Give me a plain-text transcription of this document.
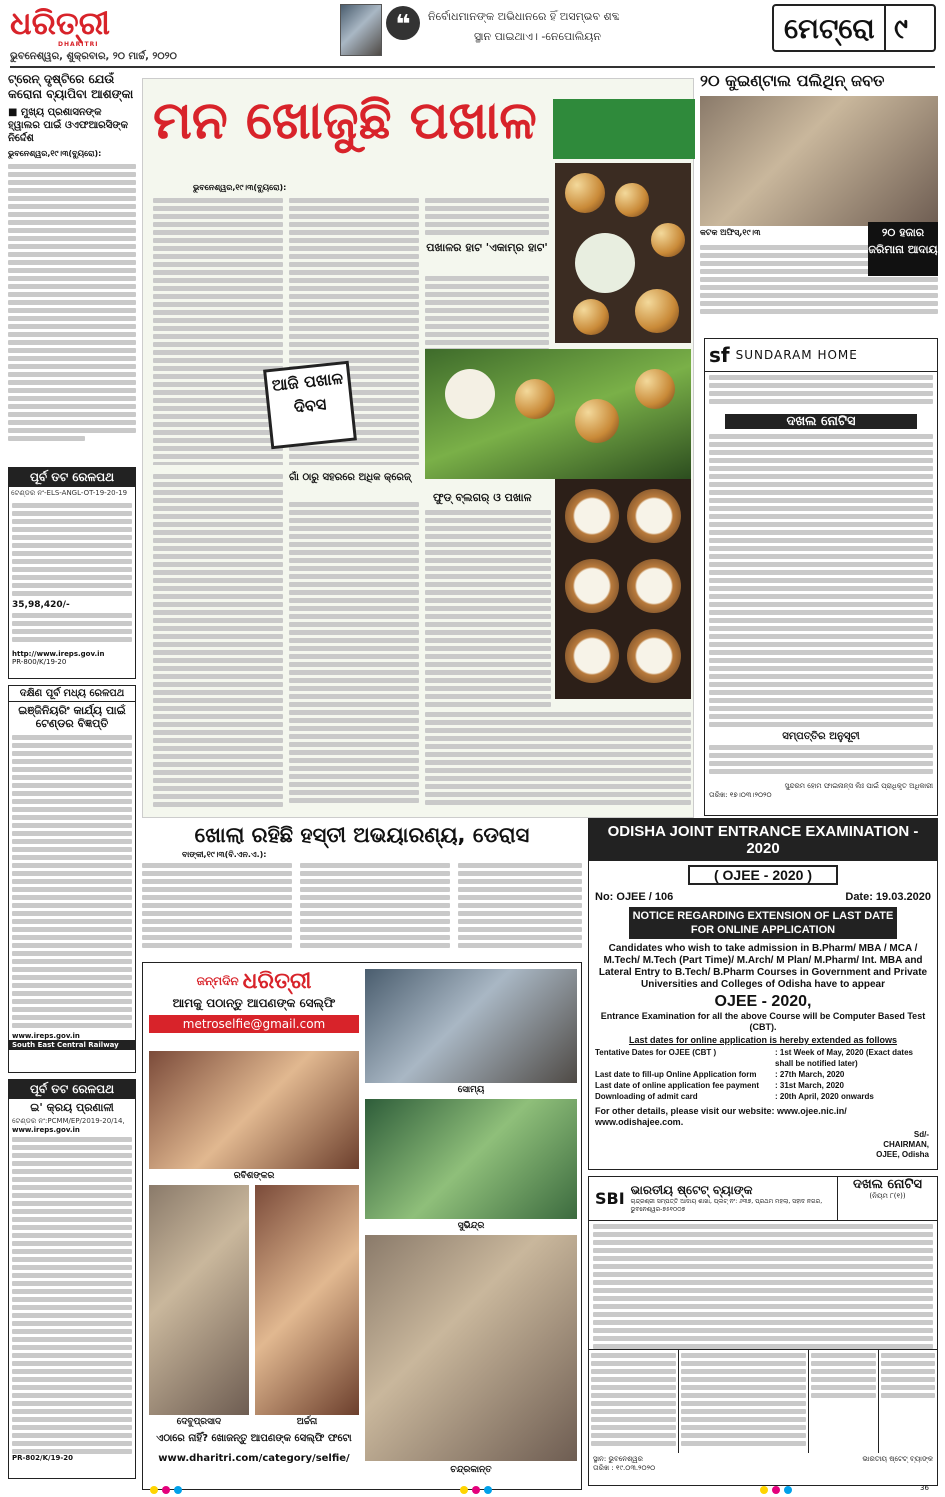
ଧରିତ୍ରୀ
DHARITRI
ଭୁବନେଶ୍ୱର, ଶୁକ୍ରବାର, ୨୦ ମାର୍ଚ୍ଚ, ୨୦୨୦
❝	ନିର୍ବୋଧମାନଙ୍କ ଅଭିଧାନରେ ହିଁ ଅସମ୍ଭବ ଶବ୍ଦ
ସ୍ଥାନ ପାଇଥାଏ। -ନେପୋଲିୟନ	ମେଟ୍ରୋ ୯
ଟ୍ରେନ୍ ଦୃଷ୍ଟିରେ ଯେଉଁ କରୋନା ବ୍ୟାପିବା ଆଶଙ୍କା
■ ମୁଖ୍ୟ ପ୍ରଶାସନଙ୍କ ହ୍ୱାଲର ପାଇଁ ଓଏଫଆରସିଙ୍କ ନିର୍ଦ୍ଦେଶ
ଭୁବନେଶ୍ୱର,୧୯।୩(ବ୍ୟୁରୋ):
ପୂର୍ବ ତଟ ରେଳପଥ
ଟେଣ୍ଡର ନଂ-ELS-ANGL-OT-19-20-19
35,98,420/-
http://www.ireps.gov.in
PR-800/K/19-20
ଦକ୍ଷିଣ ପୂର୍ବ ମଧ୍ୟ ରେଳପଥ
ଇଞ୍ଜିନିୟରିଂ କାର୍ଯ୍ୟ ପାଇଁ ଟେଣ୍ଡର ବିଜ୍ଞପ୍ତି
www.ireps.gov.in
South East Central Railway
ପୂର୍ବ ତଟ ରେଳପଥ
ଇ' କ୍ରୟ ପ୍ରଣାଳୀ
ଟେଣ୍ଡର ନଂ:PCMM/EP/2019-20/14,
www.ireps.gov.in
PR-802/K/19-20
ମନ ଖୋଜୁଛି ପଖାଳ
ଭୁବନେଶ୍ୱର,୧୯।୩(ବ୍ୟୁରୋ):
ପଖାଳର ହାଟ 'ଏକାମ୍ର ହାଟ'
ଆଜି ପଖାଳ ଦିବସ
ଗାଁ ଠାରୁ ସହରରେ ଅଧିକ କ୍ରେଜ୍
ଫୁଡ୍ ବ୍ଲଗର୍ ଓ ପଖାଳ
୨୦ କୁଇଣ୍ଟାଲ ପଲିଥିନ୍ ଜବତ
କଟକ ଅଫିସ୍,୧୯।୩	୨୦ ହଜାର ଜରିମାନା ଆଦାୟ
sf SUNDARAM HOME
ଦଖଲ ନୋଟିସ
ସମ୍ପତ୍ତିର ଅନୁସୂଚୀ
ସୁନ୍ଦରମ ହୋମ ଫାଇନାନ୍ସ ଲିଃ ପାଇଁ ପ୍ରାଧିକୃତ ଅଧିକାରୀ
ତାରିଖ: ୧୭।୦୩।୨୦୨୦
ଖୋଲା ରହିଛି ହସ୍ତୀ ଅଭୟାରଣ୍ୟ, ଡେରାସ
ବାଙ୍କୀ,୧୯।୩(ବି.ଏନ.ଏ.):
ଜନ୍ମଦିନ ଧରିତ୍ରୀ
ଆମକୁ ପଠାନ୍ତୁ ଆପଣଙ୍କ ସେଲ୍ଫି
metroselfie@gmail.com
ରବିଶଙ୍କର
ସୋମ୍ୟ
ସୁଭିନ୍ଦ୍ର
ଦେବୁପ୍ରସାଦ	ଅର୍ଚ୍ଚନା
ଚନ୍ଦ୍ରକାନ୍ତ
ଏଠାରେ ନାହିଁ? ଖୋଜନ୍ତୁ ଆପଣଙ୍କ ସେଲ୍ଫି ଫଟୋ
www.dharitri.com/category/selfie/
ODISHA JOINT ENTRANCE EXAMINATION - 2020
( OJEE - 2020 )
No: OJEE / 106	Date: 19.03.2020
NOTICE REGARDING EXTENSION OF LAST DATE FOR ONLINE APPLICATION
Candidates who wish to take admission in B.Pharm/ MBA / MCA / M.Tech/ M.Tech (Part Time)/ M.Arch/ M Plan/ M.Pharm/ Int. MBA and Lateral Entry to B.Tech/ B.Pharm Courses in Government and Private Universities and Colleges of Odisha have to appear
OJEE - 2020,
Entrance Examination for all the above Course will be Computer Based Test (CBT).
Last dates for online application is hereby extended as follows
Tentative Dates for OJEE (CBT )	: 1st Week of May, 2020 (Exact dates shall be notified later)
Last date to fill-up Online Application form	: 27th March, 2020
Last date of online application fee payment	: 31st March, 2020
Downloading of admit card	: 20th April, 2020 onwards
For other details, please visit our website: www.ojee.nic.in/ www.odishajee.com.
Sd/-
CHAIRMAN,
OJEE, Odisha
SBI ଭାରତୀୟ ଷ୍ଟେଟ୍ ବ୍ୟାଙ୍କ
ଚାନ୍ଦ୍ରଶ୍ରୀ ସମ୍ପତ୍ତି ଆଦାୟ ଶାଖା, ପ୍ଲଟ୍ ନଂ: ୬୩୭, ପ୍ରଥମ ମହଲା, ସହୀଦ ନଗର, ଭୁବନେଶ୍ୱର-୭୫୧୦୦୭
ଦଖଲ ନୋଟିସ
(ନିୟମ ୮(୧))
ସ୍ଥାନ: ଭୁବନେଶ୍ୱର
ତାରିଖ : ୧୯.୦୩.୨୦୨୦
ଭାରତୀୟ ଷ୍ଟେଟ୍ ବ୍ୟାଙ୍କ
36
